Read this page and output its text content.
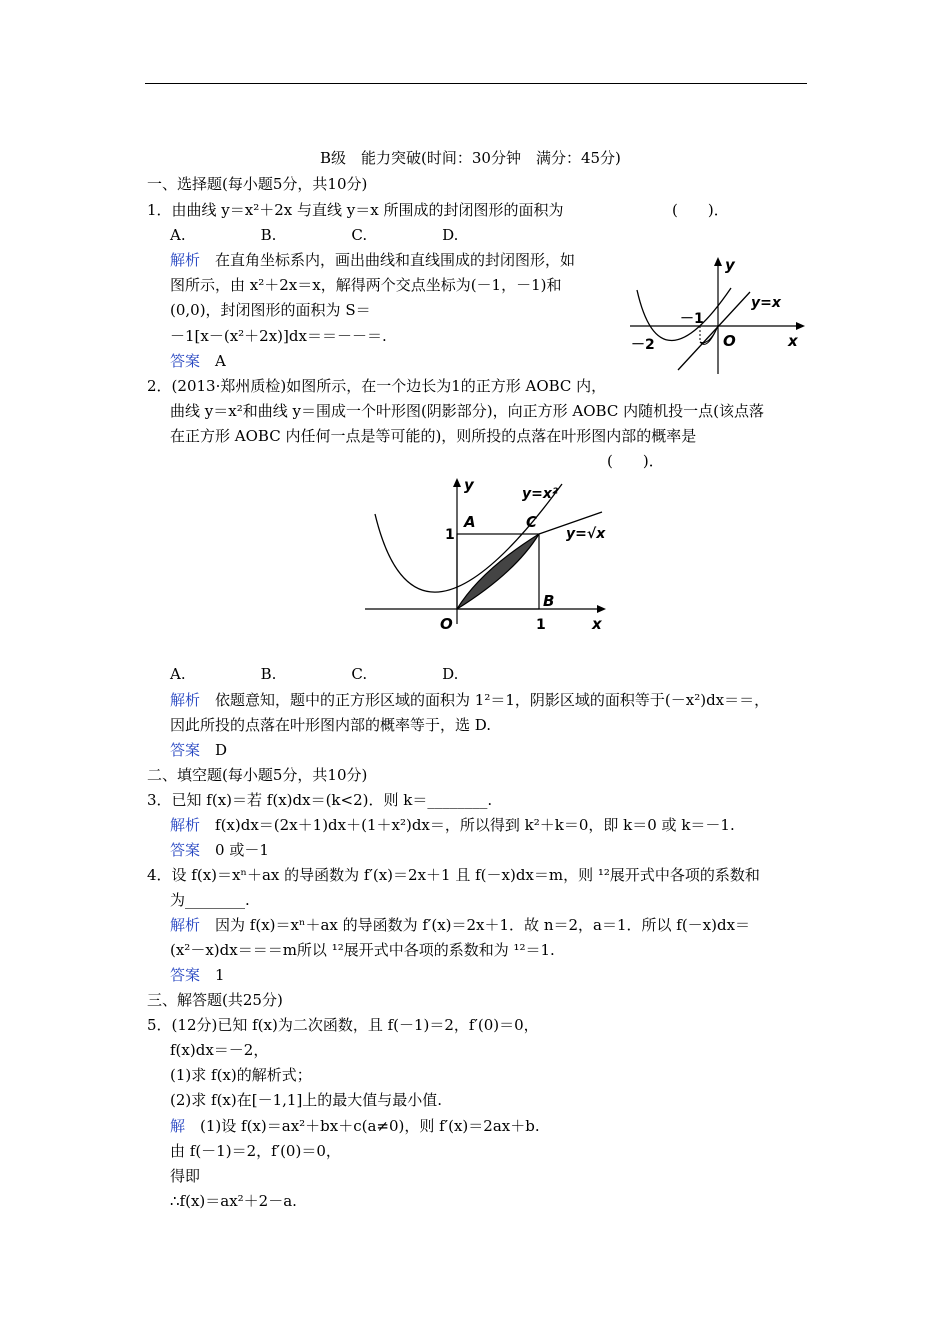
B级　能力突破(时间：30分钟　满分：45分)
一、选择题(每小题5分，共10分)
1．由曲线 y＝x²＋2x 与直线 y＝x 所围成的封闭图形的面积为	(　　)．
A.　　　　　B.　　　　　C.　　　　　D.
解析　在直角坐标系内，画出曲线和直线围成的封闭图形，如
图所示，由 x²＋2x＝x，解得两个交点坐标为(－1，－1)和
(0,0)，封闭图形的面积为 S＝
－1[x－(x²＋2x)]dx＝＝－－＝.
答案　A
y
x
O
－1
－2
y=x
2．(2013·郑州质检)如图所示，在一个边长为1的正方形 AOBC 内，
曲线 y＝x²和曲线 y＝围成一个叶形图(阴影部分)，向正方形 AOBC 内随机投一点(该点落
在正方形 AOBC 内任何一点是等可能的)，则所投的点落在叶形图内部的概率是
(　　)．
y
x
O
1
1
A
B
C
y=x²
y=√x
A.　　　　　B.　　　　　C.　　　　　D.
解析　依题意知，题中的正方形区域的面积为 1²＝1，阴影区域的面积等于(－x²)dx＝＝，
因此所投的点落在叶形图内部的概率等于，选 D.
答案　D
二、填空题(每小题5分，共10分)
3．已知 f(x)＝若 f(x)dx＝(k<2)．则 k＝________.
解析　f(x)dx＝(2x＋1)dx＋(1＋x²)dx＝，所以得到 k²＋k＝0，即 k＝0 或 k＝－1.
答案　0 或－1
4．设 f(x)＝xⁿ＋ax 的导函数为 f′(x)＝2x＋1 且 f(－x)dx＝m，则 ¹²展开式中各项的系数和
为________.
解析　因为 f(x)＝xⁿ＋ax 的导函数为 f′(x)＝2x＋1．故 n＝2，a＝1．所以 f(－x)dx＝
(x²－x)dx＝＝＝m所以 ¹²展开式中各项的系数和为 ¹²＝1.
答案　1
三、解答题(共25分)
5．(12分)已知 f(x)为二次函数，且 f(－1)＝2，f′(0)＝0，
f(x)dx＝－2，
(1)求 f(x)的解析式；
(2)求 f(x)在[－1,1]上的最大值与最小值.
解　(1)设 f(x)＝ax²＋bx＋c(a≠0)，则 f′(x)＝2ax＋b.
由 f(－1)＝2，f′(0)＝0，
得即
∴f(x)＝ax²＋2－a.
